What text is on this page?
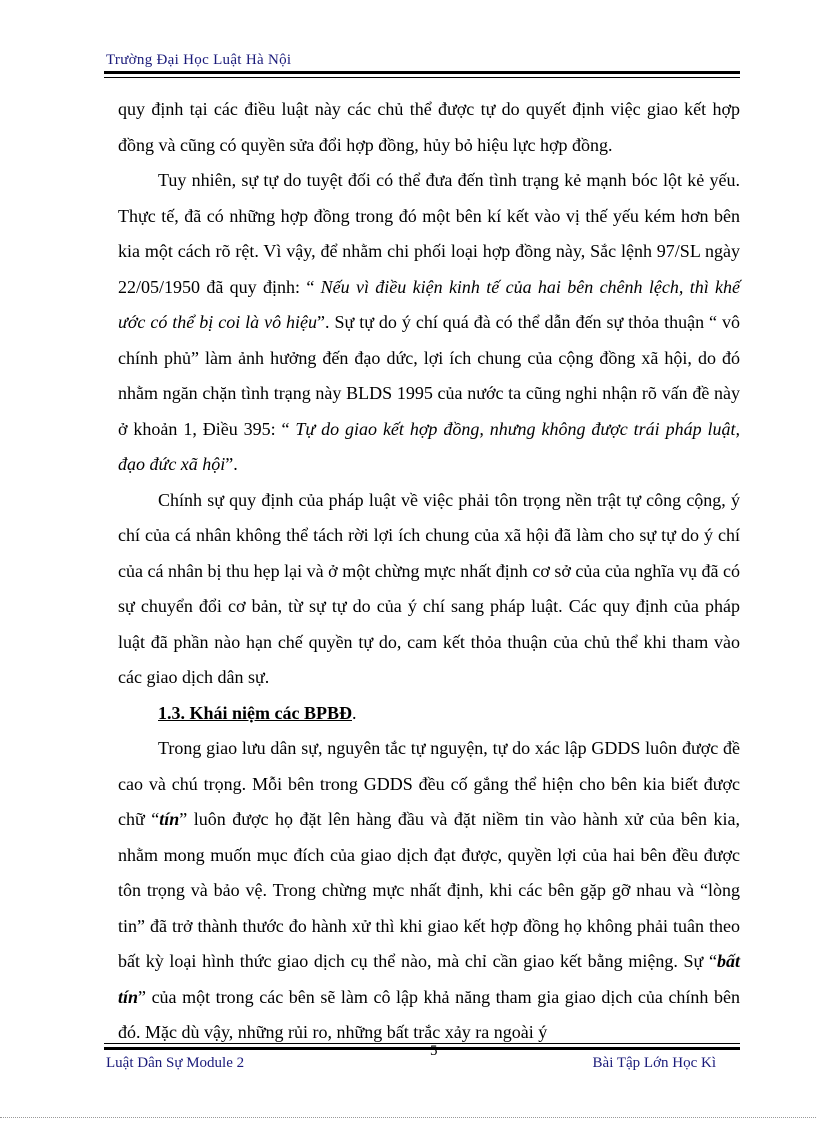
Trường Đại Học Luật Hà Nội

quy định tại các điều luật này các chủ thể được tự do quyết định việc giao kết hợp đồng và cũng có quyền sửa đổi hợp đồng, hủy bỏ hiệu lực hợp đồng.

Tuy nhiên, sự tự do tuyệt đối có thể đưa đến tình trạng kẻ mạnh bóc lột kẻ yếu. Thực tế, đã có những hợp đồng trong đó một bên kí kết vào vị thế yếu kém hơn bên kia một cách rõ rệt. Vì vậy, để nhằm chi phối loại hợp đồng này, Sắc lệnh 97/SL ngày 22/05/1950 đã quy định: “ Nếu vì điều kiện kinh tế của hai bên chênh lệch, thì khế ước có thể bị coi là vô hiệu”. Sự tự do ý chí quá đà có thể dẫn đến sự thỏa thuận “ vô chính phủ” làm ảnh hưởng đến đạo dức, lợi ích chung của cộng đồng xã hội, do đó nhằm ngăn chặn tình trạng này BLDS 1995 của nước ta cũng nghi nhận rõ vấn đề này ở khoản 1, Điều 395: “ Tự do giao kết hợp đồng, nhưng không được trái pháp luật, đạo đức xã hội”.

Chính sự quy định của pháp luật về việc phải tôn trọng nền trật tự công cộng, ý chí của cá nhân không thể tách rời lợi ích chung của xã hội đã làm cho sự tự do ý chí của cá nhân bị thu hẹp lại và ở một chừng mực nhất định cơ sở của của nghĩa vụ đã có sự chuyển đổi cơ bản, từ sự tự do của ý chí sang pháp luật. Các quy định của pháp luật đã phần nào hạn chế quyền tự do, cam kết thỏa thuận của chủ thể khi tham vào các giao dịch dân sự.

1.3. Khái niệm các BPBĐ.

Trong giao lưu dân sự, nguyên tắc tự nguyện, tự do xác lập GDDS luôn được đề cao và chú trọng. Mỗi bên trong GDDS đều cố gắng thể hiện cho bên kia biết được chữ “tín” luôn được họ đặt lên hàng đầu và đặt niềm tin vào hành xử của bên kia, nhằm mong muốn mục đích của giao dịch đạt được, quyền lợi của hai bên đều được tôn trọng và bảo vệ. Trong chừng mực nhất định, khi các bên gặp gỡ nhau và “lòng tin” đã trở thành thước đo hành xử thì khi giao kết hợp đồng họ không phải tuân theo bất kỳ loại hình thức giao dịch cụ thể nào, mà chỉ cần giao kết bằng miệng. Sự “bất tín” của một trong các bên sẽ làm cô lập khả năng tham gia giao dịch của chính bên đó. Mặc dù vậy, những rủi ro, những bất trắc xảy ra ngoài ý

Luật Dân Sự Module 2
5
Bài Tập Lớn Học Kì
